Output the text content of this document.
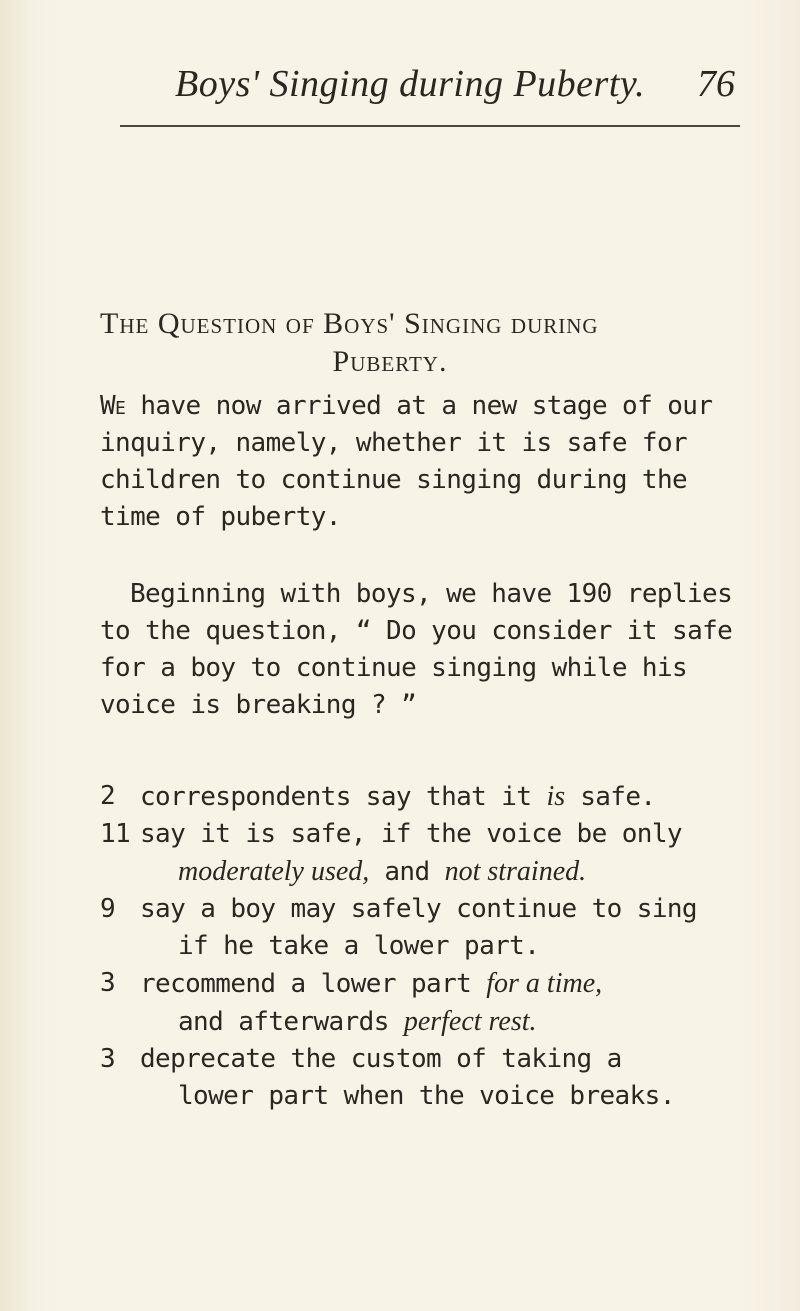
Boys' Singing during Puberty. 76
The Question of Boys' Singing during
Puberty.
We have now arrived at a new stage of our inquiry, namely, whether it is safe for children to continue singing during the time of puberty.
Beginning with boys, we have 190 replies to the question, “ Do you consider it safe for a boy to continue singing while his voice is breaking ? ”
2 correspondents say that it is safe.
11 say it is safe, if the voice be only
moderately used, and not strained.
9 say a boy may safely continue to sing
if he take a lower part.
3 recommend a lower part for a time,
and afterwards perfect rest.
3 deprecate the custom of taking a
lower part when the voice breaks.
